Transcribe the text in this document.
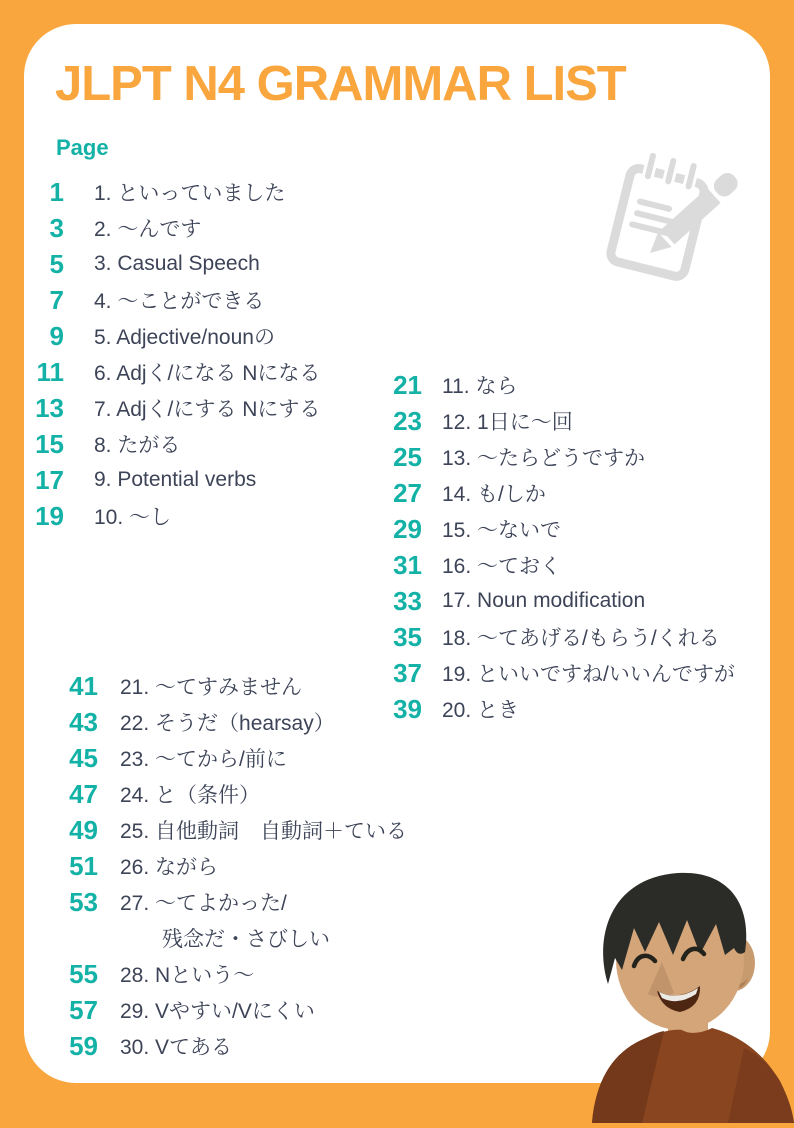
JLPT N4 GRAMMAR LIST
Page
1 1. といっていました
3 2. 〜んです
5 3. Casual Speech
7 4. 〜ことができる
9 5. Adjective/nounの
11 6. Adjく/になる Nになる
13 7. Adjく/にする Nにする
15 8. たがる
17 9. Potential verbs
19 10. 〜し
21 11. なら
23 12. 1日に〜回
25 13. 〜たらどうですか
27 14. も/しか
29 15. 〜ないで
31 16. 〜ておく
33 17. Noun modification
35 18. 〜てあげる/もらう/くれる
37 19. といいですね/いいんですが
39 20. とき
41 21. 〜てすみません
43 22. そうだ（hearsay）
45 23. 〜てから/前に
47 24. と（条件）
49 25. 自他動詞　自動詞＋ている
51 26. ながら
53 27. 〜てよかった/
残念だ・さびしい
55 28. Nという〜
57 29. Vやすい/Vにくい
59 30. Vてある
